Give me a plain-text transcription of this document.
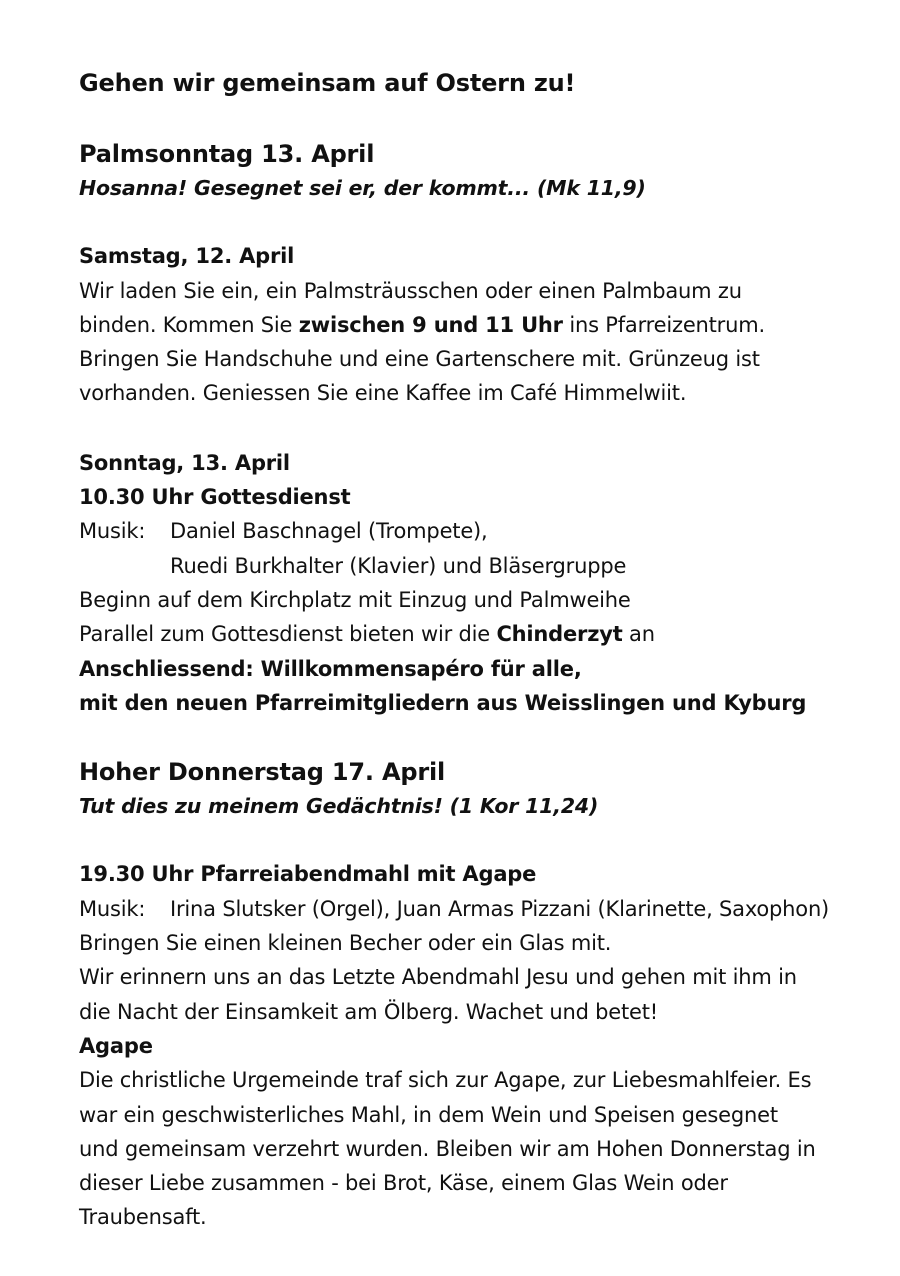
Gehen wir gemeinsam auf Ostern zu!
Palmsonntag 13. April
Hosanna! Gesegnet sei er, der kommt... (Mk 11,9)
Samstag, 12. April
Wir laden Sie ein, ein Palmsträusschen oder einen Palmbaum zu
binden. Kommen Sie zwischen 9 und 11 Uhr ins Pfarreizentrum.
Bringen Sie Handschuhe und eine Gartenschere mit. Grünzeug ist
vorhanden. Geniessen Sie eine Kaffee im Café Himmelwiit.
Sonntag, 13. April
10.30 Uhr Gottesdienst
Musik:	Daniel Baschnagel (Trompete),
Ruedi Burkhalter (Klavier) und Bläsergruppe
Beginn auf dem Kirchplatz mit Einzug und Palmweihe
Parallel zum Gottesdienst bieten wir die Chinderzyt an
Anschliessend: Willkommensapéro für alle,
mit den neuen Pfarreimitgliedern aus Weisslingen und Kyburg
Hoher Donnerstag 17. April
Tut dies zu meinem Gedächtnis! (1 Kor 11,24)
19.30 Uhr Pfarreiabendmahl mit Agape
Musik:	Irina Slutsker (Orgel), Juan Armas Pizzani (Klarinette, Saxophon)
Bringen Sie einen kleinen Becher oder ein Glas mit.
Wir erinnern uns an das Letzte Abendmahl Jesu und gehen mit ihm in
die Nacht der Einsamkeit am Ölberg. Wachet und betet!
Agape
Die christliche Urgemeinde traf sich zur Agape, zur Liebesmahlfeier. Es
war ein geschwisterliches Mahl, in dem Wein und Speisen gesegnet
und gemeinsam verzehrt wurden. Bleiben wir am Hohen Donnerstag in
dieser Liebe zusammen - bei Brot, Käse, einem Glas Wein oder
Traubensaft.
